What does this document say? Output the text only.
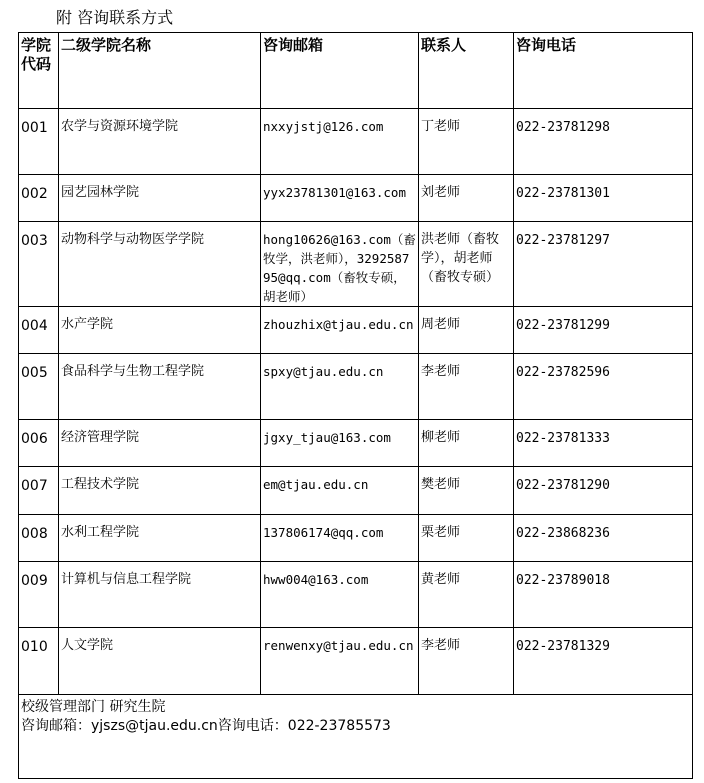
附 咨询联系方式
学院代码	二级学院名称	咨询邮箱	联系人	咨询电话
001	农学与资源环境学院	nxxyjstj@126.com	丁老师	022-23781298
002	园艺园林学院	yyx23781301@163.com	刘老师	022-23781301
003	动物科学与动物医学学院	hong10626@163.com（畜牧学，洪老师），329258795@qq.com（畜牧专硕，胡老师）	洪老师（畜牧学），胡老师（畜牧专硕）	022-23781297
004	水产学院	zhouzhix@tjau.edu.cn	周老师	022-23781299
005	食品科学与生物工程学院	spxy@tjau.edu.cn	李老师	022-23782596
006	经济管理学院	jgxy_tjau@163.com	柳老师	022-23781333
007	工程技术学院	em@tjau.edu.cn	樊老师	022-23781290
008	水利工程学院	137806174@qq.com	栗老师	022-23868236
009	计算机与信息工程学院	hww004@163.com	黄老师	022-23789018
010	人文学院	renwenxy@tjau.edu.cn	李老师	022-23781329

校级管理部门 研究生院
咨询邮箱：yjszs@tjau.edu.cn咨询电话：022-23785573				
